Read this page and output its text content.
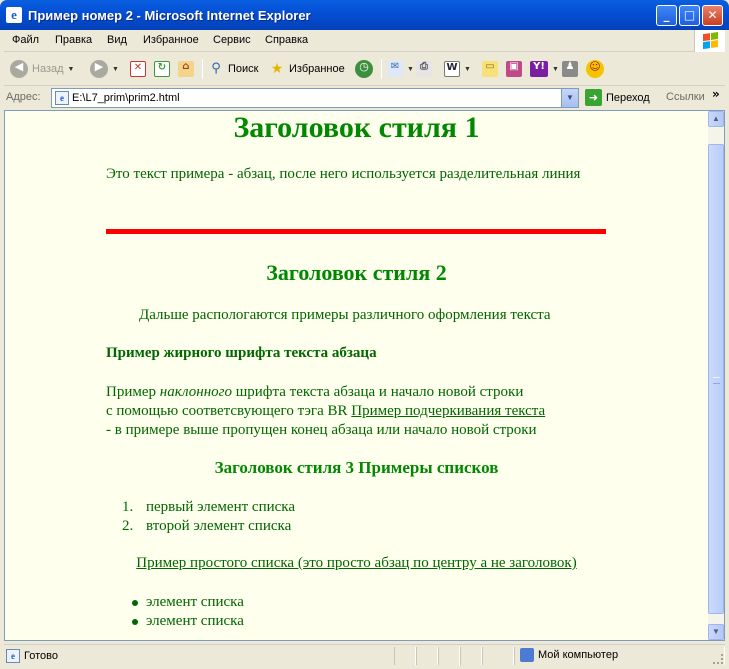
e Пример номер 2 - Microsoft Internet Explorer	_	□	✕
Файл Правка Вид Избранное Сервис Справка
◀ Назад ▼	▶	▼	✕	↻	⌂	⚲ Поиск ★ Избранное	◷	✉	▼ ⎙	W ▼	▭	▣	Y!	▼ ♟	☺
Адрес:	e E:\L7_prim\prim2.html	▼	➜ Переход Ссылки »
Заголовок стиля 1
Это текст примера - абзац, после него используется разделительная линия
Заголовок стиля 2
Дальше распологаются примеры различного оформления текста
Пример жирного шрифта текста абзаца
Пример наклонного шрифта текста абзаца и начало новой строки
с помощью соответсвующего тэга BR Пример подчеркивания текста
- в примере выше пропущен конец абзаца или начало новой строки
Заголовок стиля 3 Примеры списков
1. первый элемент списка
2. второй элемент списка
Пример простого списка (это просто абзац по центру а не заголовок)
элемент списка
элемент списка
▲
▼
e Готово	Мой компьютер
